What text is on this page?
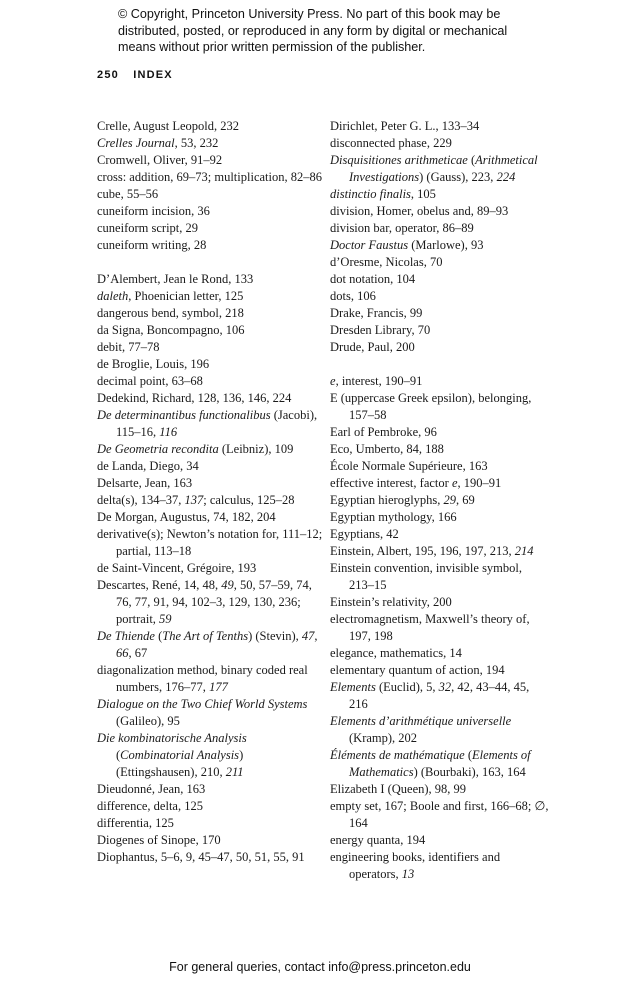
© Copyright, Princeton University Press. No part of this book may be distributed, posted, or reproduced in any form by digital or mechanical means without prior written permission of the publisher.
250 INDEX

Crelle, August Leopold, 232

Crelles Journal, 53, 232

Cromwell, Oliver, 91–92

cross: addition, 69–73; multiplication, 82–86

cube, 55–56

cuneiform incision, 36

cuneiform script, 29

cuneiform writing, 28

D’Alembert, Jean le Rond, 133

daleth, Phoenician letter, 125

dangerous bend, symbol, 218

da Signa, Boncompagno, 106

debit, 77–78

de Broglie, Louis, 196

decimal point, 63–68

Dedekind, Richard, 128, 136, 146, 224

De determinantibus functionalibus (Jacobi), 115–16, 116

De Geometria recondita (Leibniz), 109

de Landa, Diego, 34

Delsarte, Jean, 163

delta(s), 134–37, 137; calculus, 125–28

De Morgan, Augustus, 74, 182, 204

derivative(s); Newton’s notation for, 111–12; partial, 113–18

de Saint-Vincent, Grégoire, 193

Descartes, René, 14, 48, 49, 50, 57–59, 74, 76, 77, 91, 94, 102–3, 129, 130, 236; portrait, 59

De Thiende (The Art of Tenths) (Stevin), 47, 66, 67

diagonalization method, binary coded real numbers, 176–77, 177

Dialogue on the Two Chief World Systems (Galileo), 95

Die kombinatorische Analysis (Combinatorial Analysis) (Ettingshausen), 210, 211

Dieudonné, Jean, 163

difference, delta, 125

differentia, 125

Diogenes of Sinope, 170

Diophantus, 5–6, 9, 45–47, 50, 51, 55, 91

Dirichlet, Peter G. L., 133–34

disconnected phase, 229

Disquisitiones arithmeticae (Arithmetical Investigations) (Gauss), 223, 224

distinctio finalis, 105

division, Homer, obelus and, 89–93

division bar, operator, 86–89

Doctor Faustus (Marlowe), 93

d’Oresme, Nicolas, 70

dot notation, 104

dots, 106

Drake, Francis, 99

Dresden Library, 70

Drude, Paul, 200

e, interest, 190–91

E (uppercase Greek epsilon), belonging, 157–58

Earl of Pembroke, 96

Eco, Umberto, 84, 188

École Normale Supérieure, 163

effective interest, factor e, 190–91

Egyptian hieroglyphs, 29, 69

Egyptian mythology, 166

Egyptians, 42

Einstein, Albert, 195, 196, 197, 213, 214

Einstein convention, invisible symbol, 213–15

Einstein’s relativity, 200

electromagnetism, Maxwell’s theory of, 197, 198

elegance, mathematics, 14

elementary quantum of action, 194

Elements (Euclid), 5, 32, 42, 43–44, 45, 216

Elements d’arithmétique universelle (Kramp), 202

Éléments de mathématique (Elements of Mathematics) (Bourbaki), 163, 164

Elizabeth I (Queen), 98, 99

empty set, 167; Boole and first, 166–68; ∅, 164

energy quanta, 194

engineering books, identifiers and operators, 13

For general queries, contact info@press.princeton.edu
